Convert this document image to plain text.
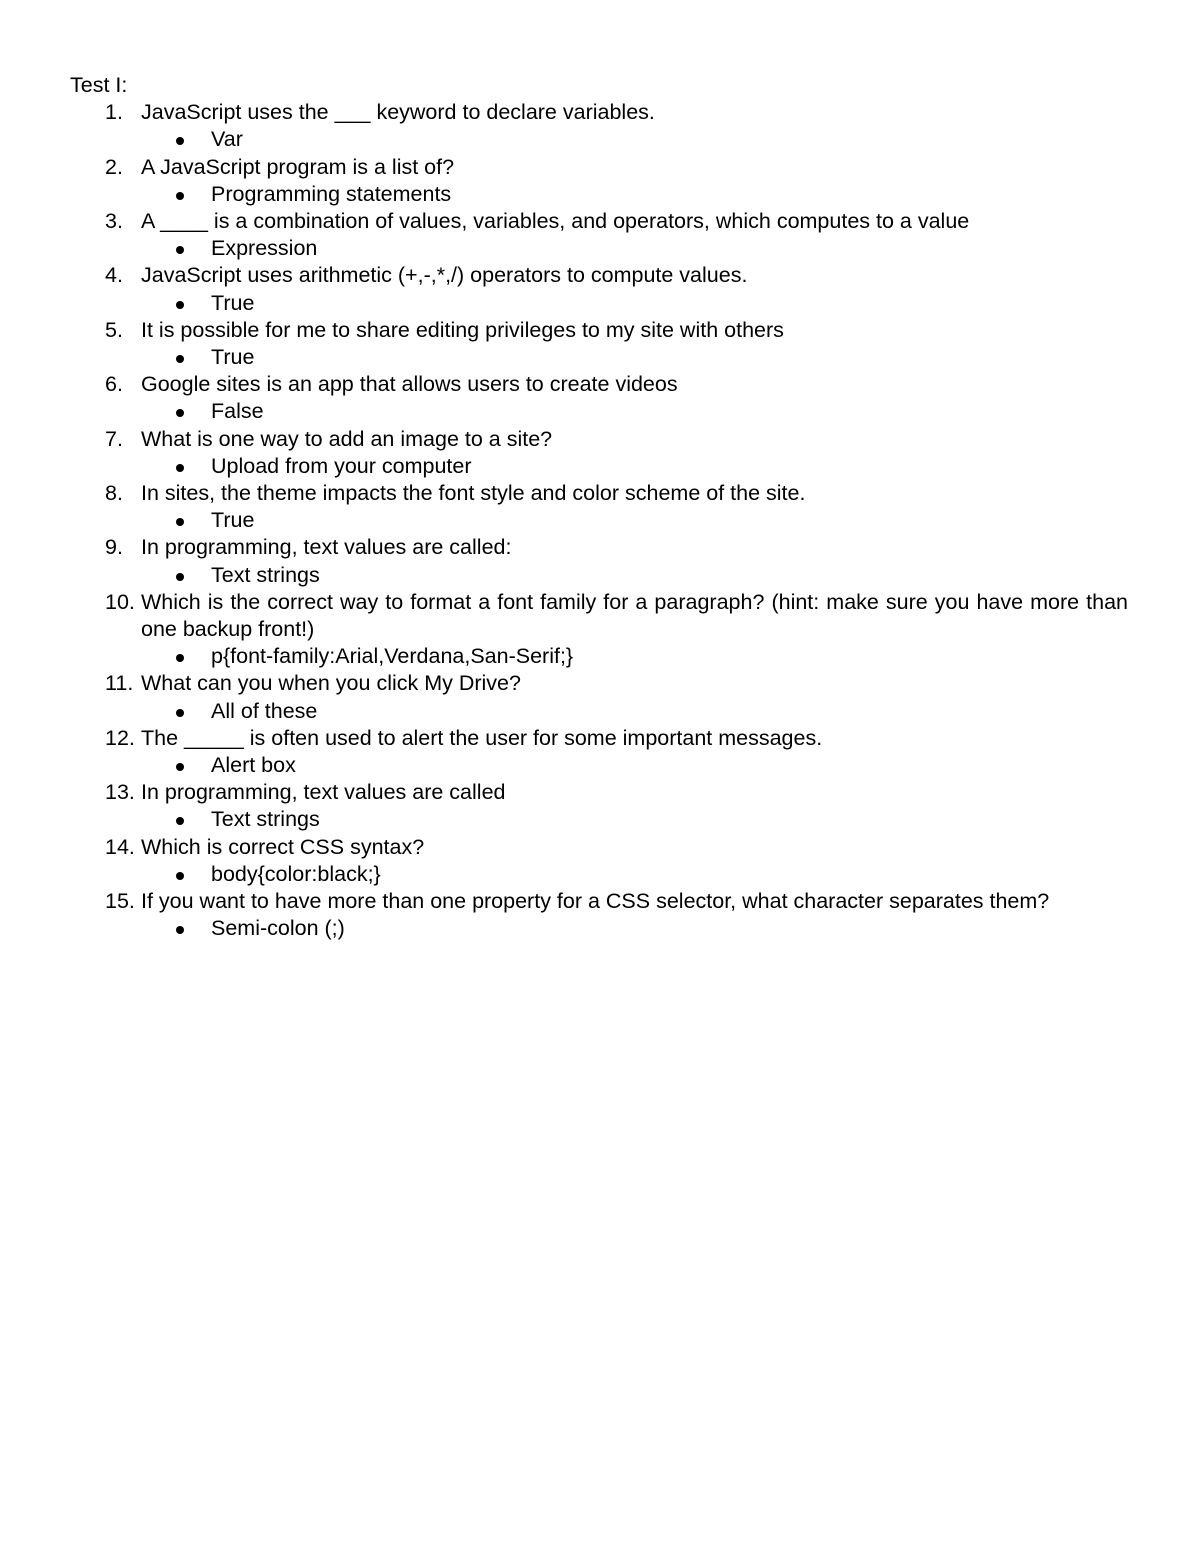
Test I:
1. JavaScript uses the ___ keyword to declare variables.
Var
2. A JavaScript program is a list of?
Programming statements
3. A ____ is a combination of values, variables, and operators, which computes to a value
Expression
4. JavaScript uses arithmetic (+,-,*,/) operators to compute values.
True
5. It is possible for me to share editing privileges to my site with others
True
6. Google sites is an app that allows users to create videos
False
7. What is one way to add an image to a site?
Upload from your computer
8. In sites, the theme impacts the font style and color scheme of the site.
True
9. In programming, text values are called:
Text strings
10. Which is the correct way to format a font family for a paragraph? (hint: make sure you have more than one backup front!)
p{font-family:Arial,Verdana,San-Serif;}
11. What can you when you click My Drive?
All of these
12. The _____ is often used to alert the user for some important messages.
Alert box
13. In programming, text values are called
Text strings
14. Which is correct CSS syntax?
body{color:black;}
15. If you want to have more than one property for a CSS selector, what character separates them?
Semi-colon (;)
